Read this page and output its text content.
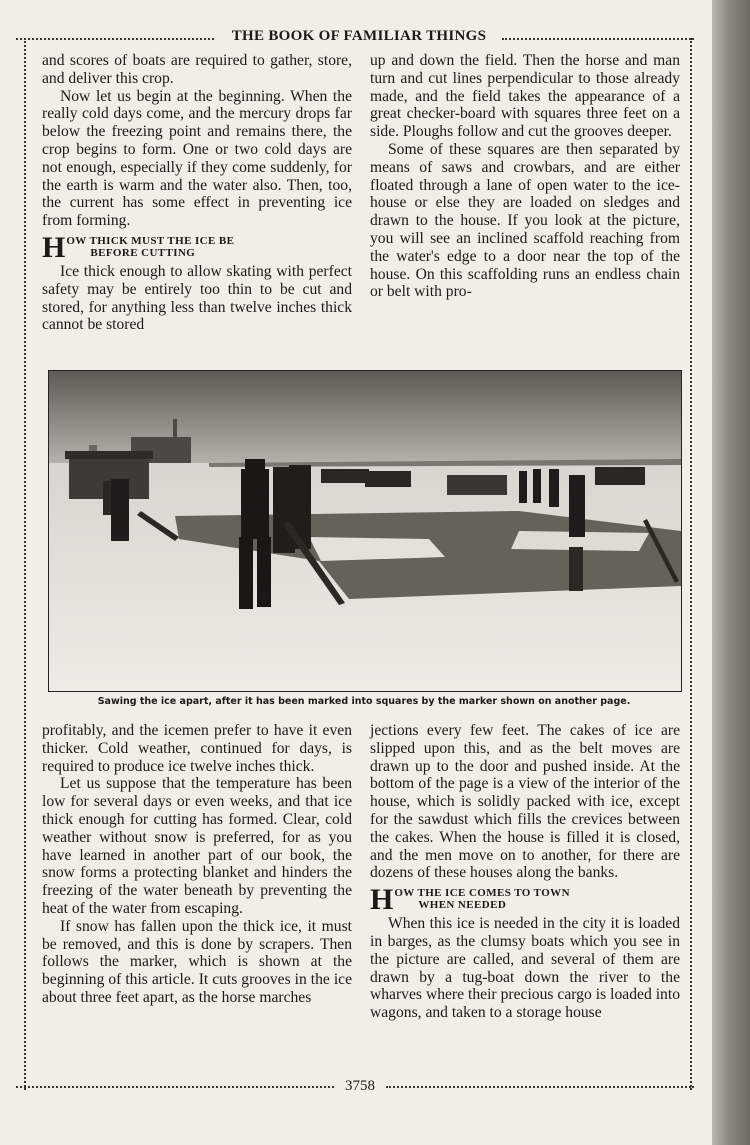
THE BOOK OF FAMILIAR THINGS

and scores of boats are required to gather, store, and deliver this crop.

Now let us begin at the beginning. When the really cold days come, and the mercury drops far below the freezing point and remains there, the crop begins to form. One or two cold days are not enough, especially if they come suddenly, for the earth is warm and the water also. Then, too, the current has some effect in preventing ice from forming.

H OW THICK MUST THE ICE BE
BEFORE CUTTING

Ice thick enough to allow skating with perfect safety may be entirely too thin to be cut and stored, for anything less than twelve inches thick cannot be stored

up and down the field. Then the horse and man turn and cut lines perpendicular to those already made, and the field takes the appearance of a great checker-board with squares three feet on a side. Ploughs follow and cut the grooves deeper.

Some of these squares are then separated by means of saws and crowbars, and are either floated through a lane of open water to the ice-house or else they are loaded on sledges and drawn to the house. If you look at the picture, you will see an inclined scaffold reaching from the water's edge to a door near the top of the house. On this scaffolding runs an endless chain or belt with pro-

Sawing the ice apart, after it has been marked into squares by the marker shown on another page.

profitably, and the icemen prefer to have it even thicker. Cold weather, continued for days, is required to produce ice twelve inches thick.

Let us suppose that the temperature has been low for several days or even weeks, and that ice thick enough for cutting has formed. Clear, cold weather without snow is preferred, for as you have learned in another part of our book, the snow forms a protecting blanket and hinders the freezing of the water beneath by preventing the heat of the water from escaping.

If snow has fallen upon the thick ice, it must be removed, and this is done by scrapers. Then follows the marker, which is shown at the beginning of this article. It cuts grooves in the ice about three feet apart, as the horse marches

jections every few feet. The cakes of ice are slipped upon this, and as the belt moves are drawn up to the door and pushed inside. At the bottom of the page is a view of the interior of the house, which is solidly packed with ice, except for the sawdust which fills the crevices between the cakes. When the house is filled it is closed, and the men move on to another, for there are dozens of these houses along the banks.

H OW THE ICE COMES TO TOWN
WHEN NEEDED

When this ice is needed in the city it is loaded in barges, as the clumsy boats which you see in the picture are called, and several of them are drawn by a tug-boat down the river to the wharves where their precious cargo is loaded into wagons, and taken to a storage house

3758
